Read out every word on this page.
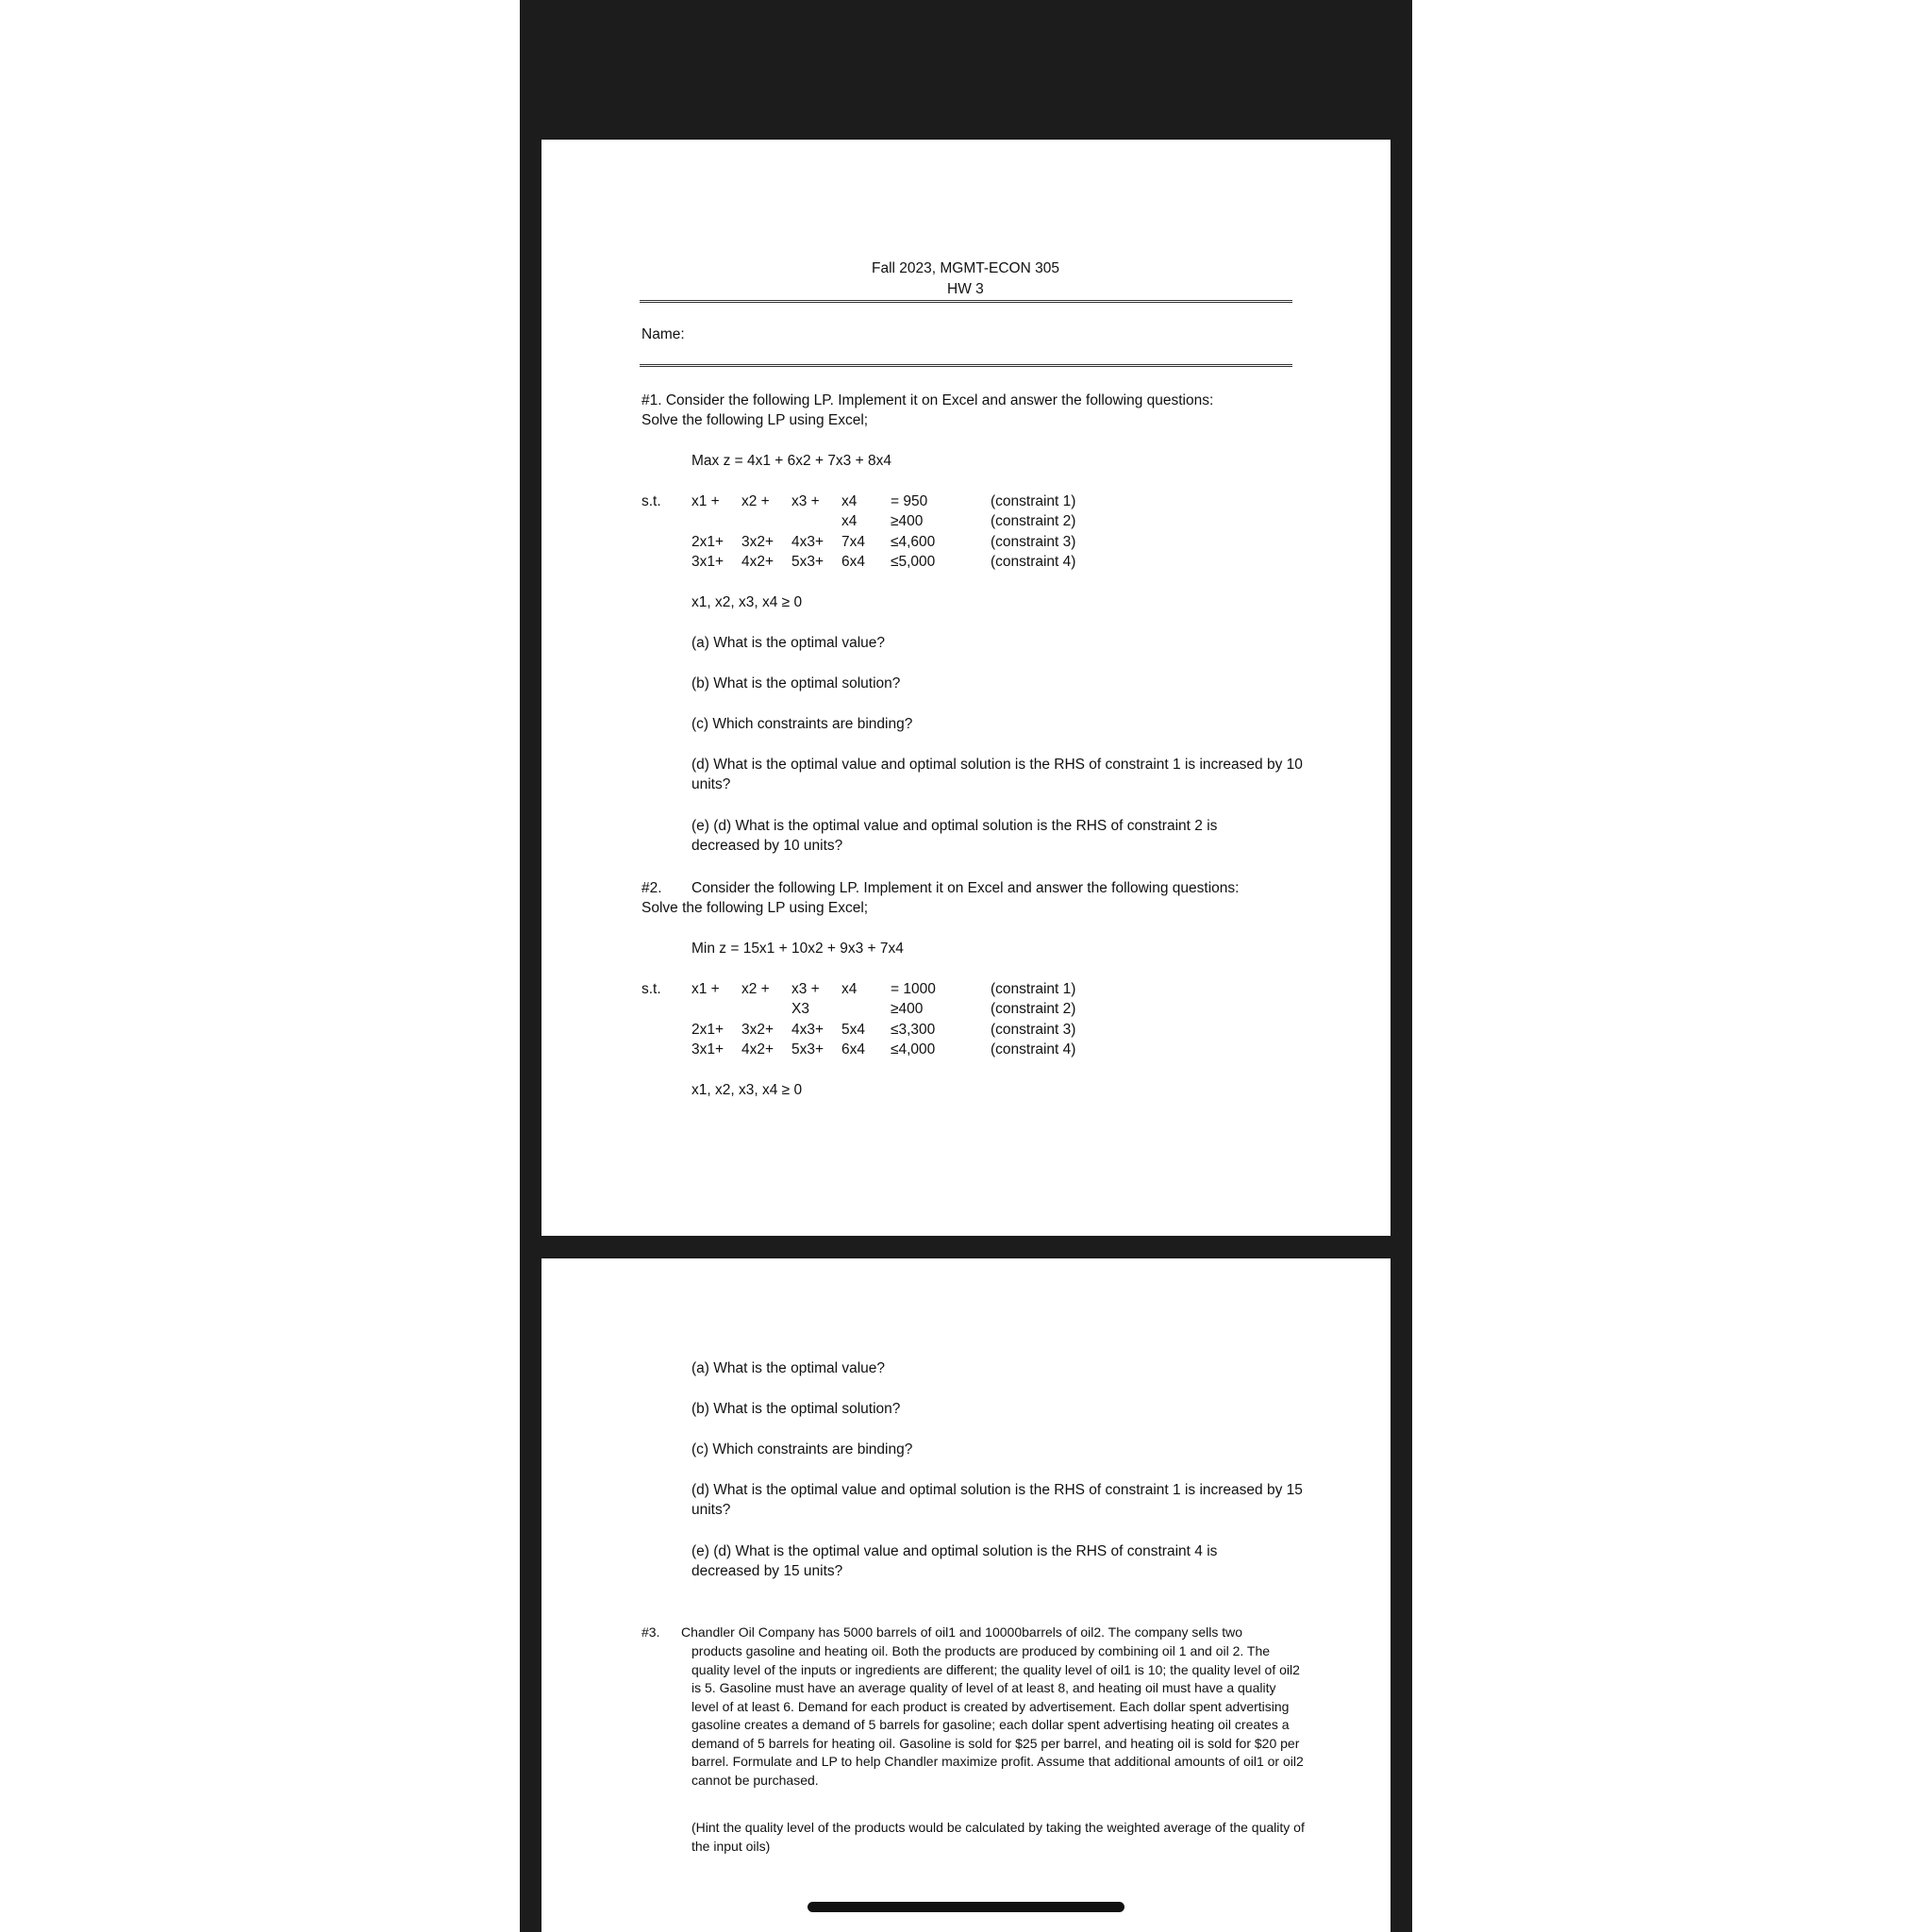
Fall 2023, MGMT-ECON 305
HW 3
Name:
#1. Consider the following LP. Implement it on Excel and answer the following questions:
Solve the following LP using Excel;
Max z = 4x1 + 6x2 + 7x3 + 8x4
s.t. x1 + x2 + x3 + x4 = 950	(constraint 1)
x4 ≥400	(constraint 2)
2x1+ 3x2+ 4x3+ 7x4 ≤4,600	(constraint 3)
3x1+ 4x2+ 5x3+ 6x4 ≤5,000	(constraint 4)
x1, x2, x3, x4 ≥ 0
(a) What is the optimal value?
(b) What is the optimal solution?
(c) Which constraints are binding?
(d) What is the optimal value and optimal solution is the RHS of constraint 1 is increased by 10 units?
(e) (d) What is the optimal value and optimal solution is the RHS of constraint 2 is decreased by 10 units?
#2. Consider the following LP. Implement it on Excel and answer the following questions:
Solve the following LP using Excel;
Min z = 15x1 + 10x2 + 9x3 + 7x4
s.t. x1 + x2 + x3 + x4 = 1000	(constraint 1)
X3	≥400	(constraint 2)
2x1+ 3x2+ 4x3+ 5x4 ≤3,300	(constraint 3)
3x1+ 4x2+ 5x3+ 6x4 ≤4,000	(constraint 4)
x1, x2, x3, x4 ≥ 0
(a) What is the optimal value?
(b) What is the optimal solution?
(c) Which constraints are binding?
(d) What is the optimal value and optimal solution is the RHS of constraint 1 is increased by 15 units?
(e) (d) What is the optimal value and optimal solution is the RHS of constraint 4 is decreased by 15 units?
#3. Chandler Oil Company has 5000 barrels of oil1 and 10000barrels of oil2. The company sells two
products gasoline and heating oil. Both the products are produced by combining oil 1 and oil 2. The quality level of the inputs or ingredients are different; the quality level of oil1 is 10; the quality level of oil2 is 5. Gasoline must have an average quality of level of at least 8, and heating oil must have a quality level of at least 6. Demand for each product is created by advertisement. Each dollar spent advertising gasoline creates a demand of 5 barrels for gasoline; each dollar spent advertising heating oil creates a demand of 5 barrels for heating oil. Gasoline is sold for $25 per barrel, and heating oil is sold for $20 per barrel. Formulate and LP to help Chandler maximize profit. Assume that additional amounts of oil1 or oil2 cannot be purchased.
(Hint the quality level of the products would be calculated by taking the weighted average of the quality of the input oils)
